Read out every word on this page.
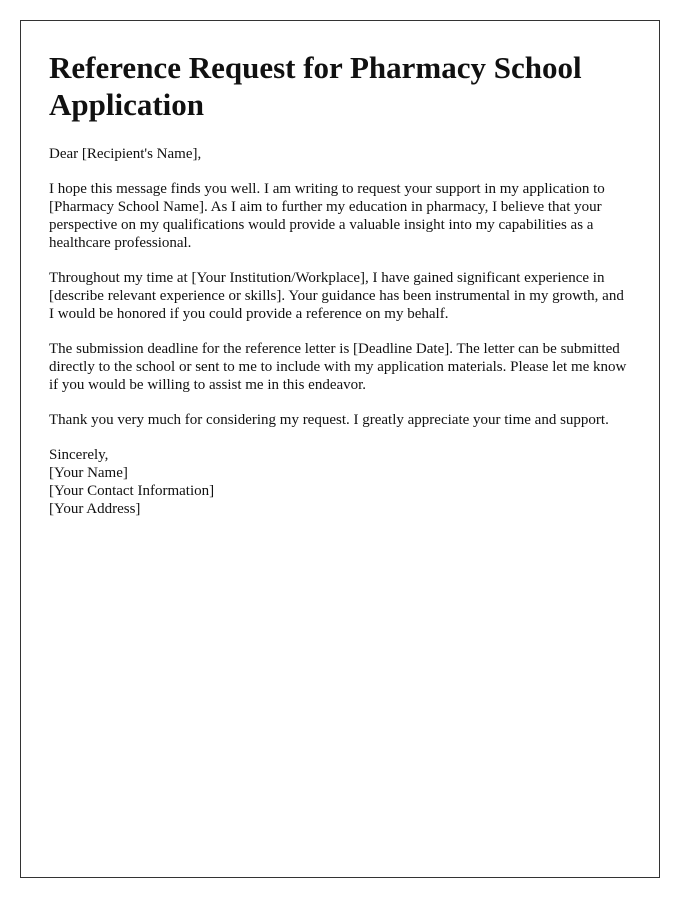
Reference Request for Pharmacy School Application

Dear [Recipient's Name],

I hope this message finds you well. I am writing to request your support in my application to [Pharmacy School Name]. As I aim to further my education in pharmacy, I believe that your perspective on my qualifications would provide a valuable insight into my capabilities as a healthcare professional.

Throughout my time at [Your Institution/Workplace], I have gained significant experience in [describe relevant experience or skills]. Your guidance has been instrumental in my growth, and I would be honored if you could provide a reference on my behalf.

The submission deadline for the reference letter is [Deadline Date]. The letter can be submitted directly to the school or sent to me to include with my application materials. Please let me know if you would be willing to assist me in this endeavor.

Thank you very much for considering my request. I greatly appreciate your time and support.

Sincerely,
[Your Name]
[Your Contact Information]
[Your Address]
